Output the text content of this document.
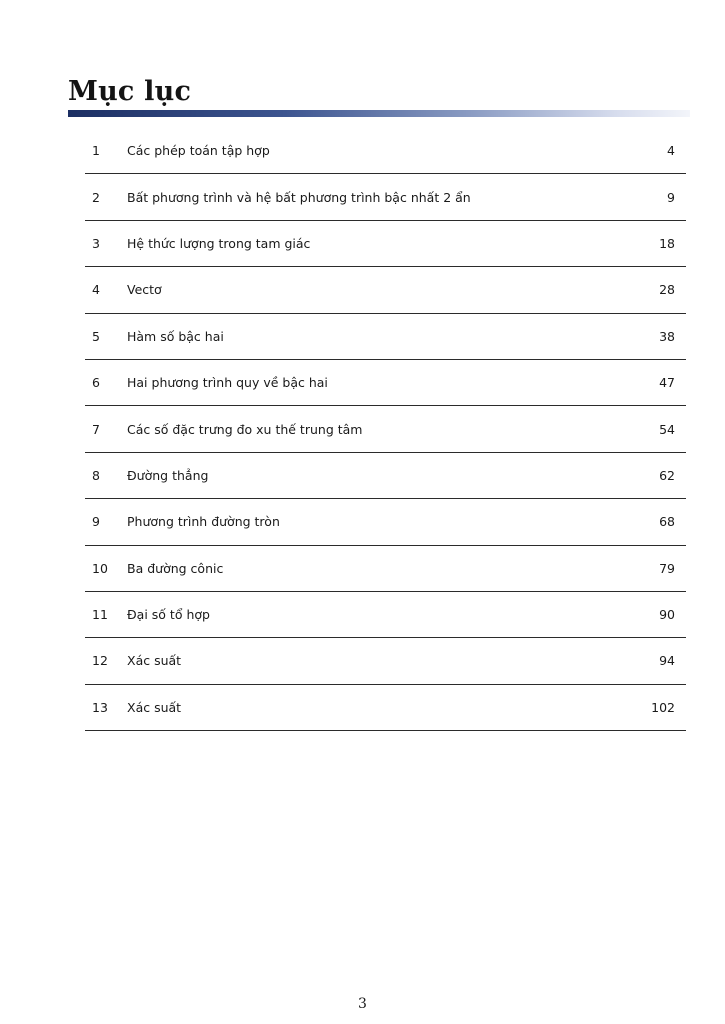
Mục lục
1	Các phép toán tập hợp	4
2	Bất phương trình và hệ bất phương trình bậc nhất 2 ẩn	9
3	Hệ thức lượng trong tam giác	18
4	Vectơ	28
5	Hàm số bậc hai	38
6	Hai phương trình quy về bậc hai	47
7	Các số đặc trưng đo xu thế trung tâm	54
8	Đường thẳng	62
9	Phương trình đường tròn	68
10	Ba đường cônic	79
11	Đại số tổ hợp	90
12	Xác suất	94
13	Xác suất	102
3
